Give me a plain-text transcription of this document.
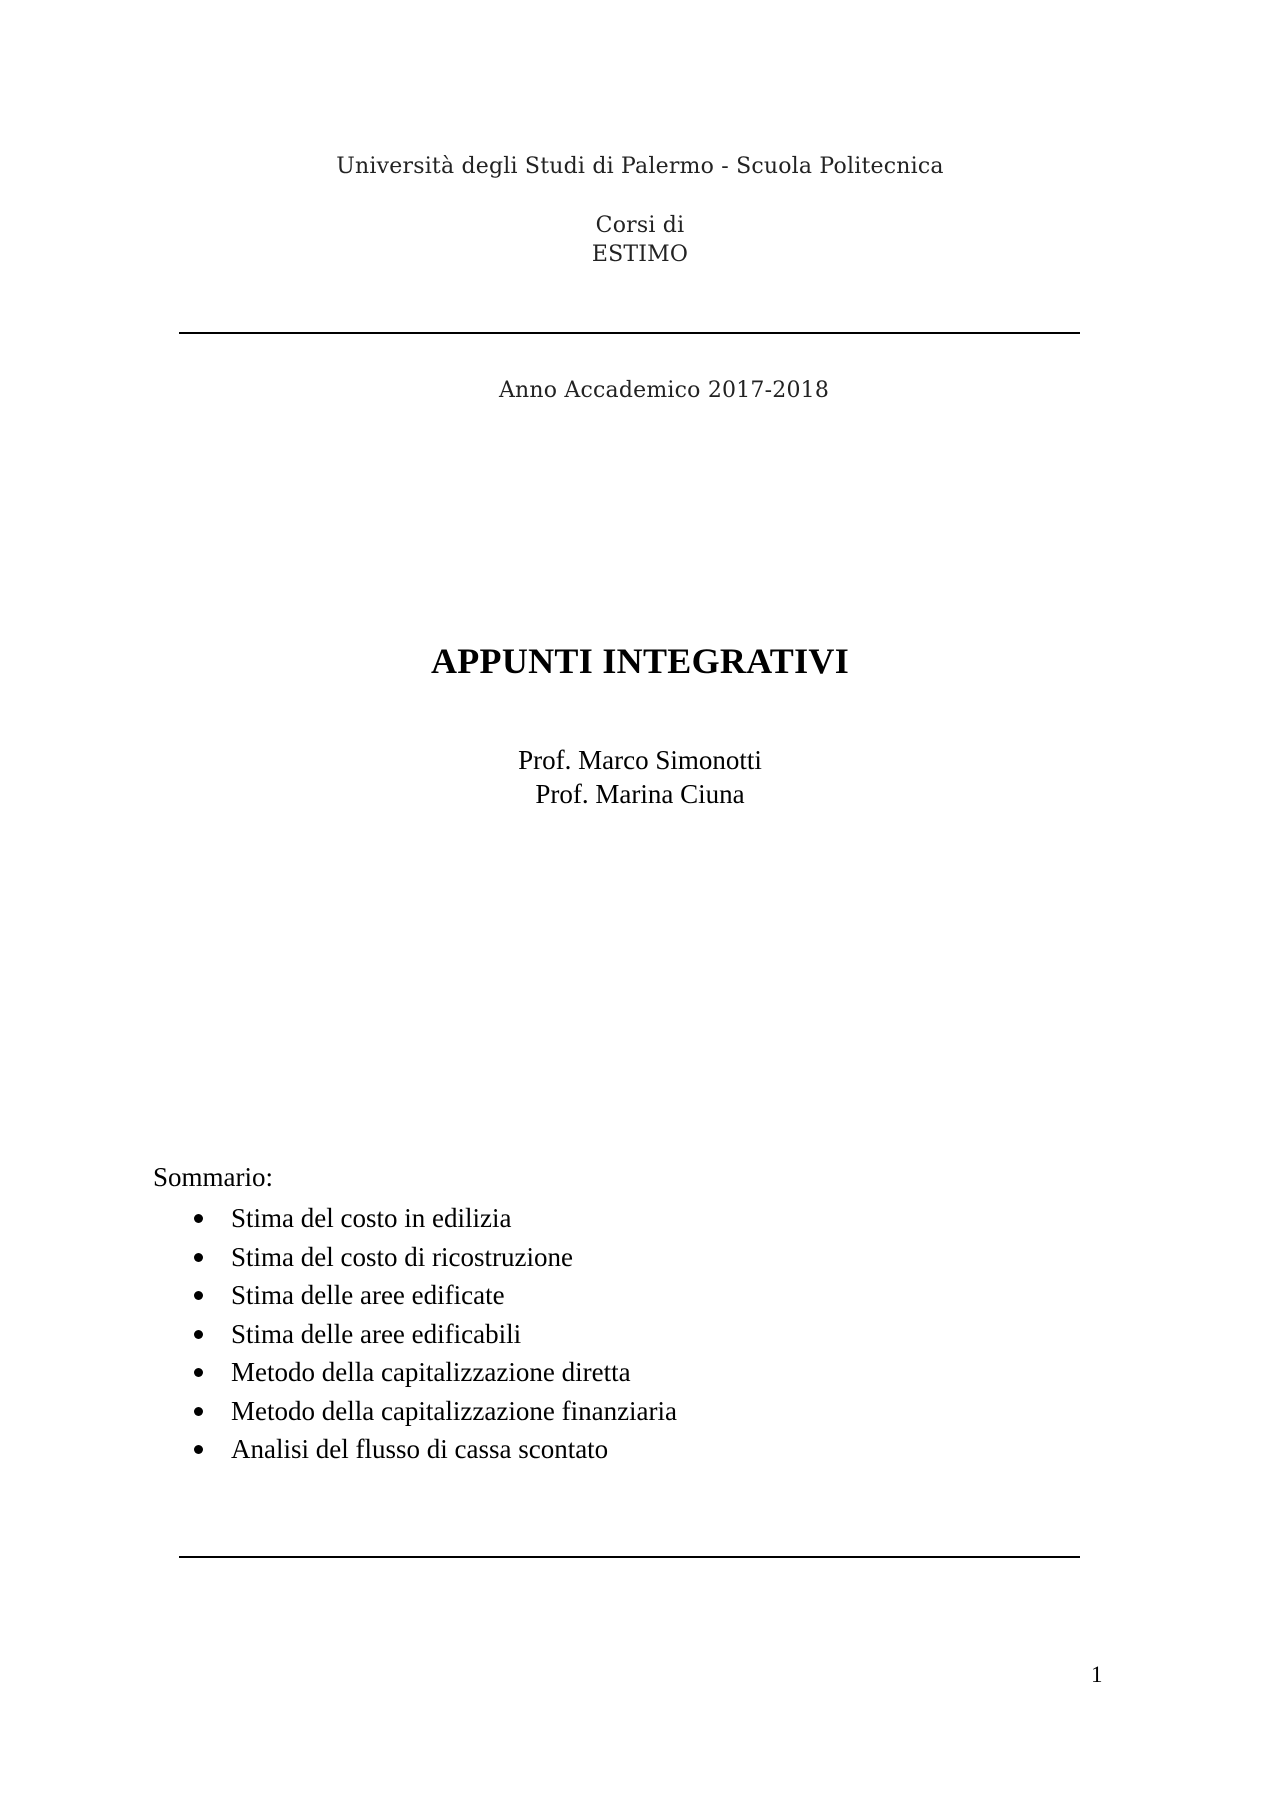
Università degli Studi di Palermo - Scuola Politecnica
Corsi di
ESTIMO
Anno Accademico 2017-2018
APPUNTI INTEGRATIVI
Prof. Marco Simonotti
Prof. Marina Ciuna
Sommario:
Stima del costo in edilizia
Stima del costo di ricostruzione
Stima delle aree edificate
Stima delle aree edificabili
Metodo della capitalizzazione diretta
Metodo della capitalizzazione finanziaria
Analisi del flusso di cassa scontato
1
